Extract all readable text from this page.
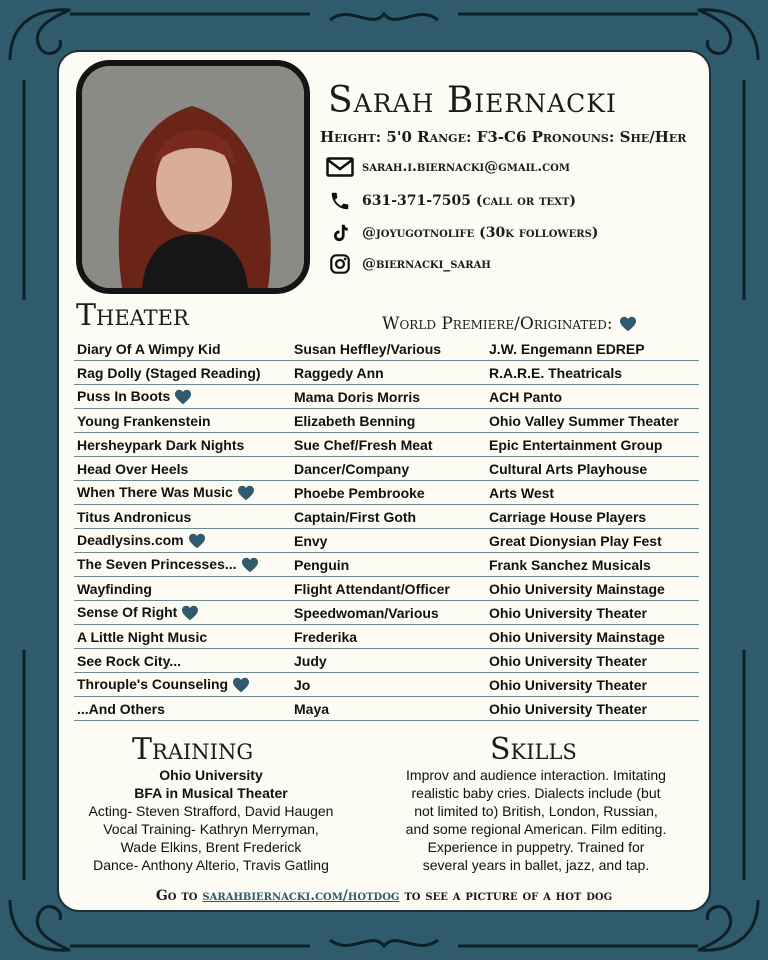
Sarah Biernacki
Height: 5'0 Range: F3-C6 Pronouns: She/Her
sarah.i.biernacki@gmail.com
631-371-7505 (call or text)
@joyugotnolife (30k followers)
@biernacki_sarah
Theater	World Premiere/Originated:
Diary Of A Wimpy Kid	Susan Heffley/Various	J.W. Engemann EDREP
Rag Dolly (Staged Reading)	Raggedy Ann	R.A.R.E. Theatricals
Puss In Boots	Mama Doris Morris	ACH Panto
Young Frankenstein	Elizabeth Benning	Ohio Valley Summer Theater
Hersheypark Dark Nights	Sue Chef/Fresh Meat	Epic Entertainment Group
Head Over Heels	Dancer/Company	Cultural Arts Playhouse
When There Was Music	Phoebe Pembrooke	Arts West
Titus Andronicus	Captain/First Goth	Carriage House Players
Deadlysins.com	Envy	Great Dionysian Play Fest
The Seven Princesses...	Penguin	Frank Sanchez Musicals
Wayfinding	Flight Attendant/Officer	Ohio University Mainstage
Sense Of Right	Speedwoman/Various	Ohio University Theater
A Little Night Music	Frederika	Ohio University Mainstage
See Rock City...	Judy	Ohio University Theater
Throuple's Counseling	Jo	Ohio University Theater
...And Others	Maya	Ohio University Theater
Training
Ohio University
BFA in Musical Theater
Acting- Steven Strafford, David Haugen
Vocal Training- Kathryn Merryman,
Wade Elkins, Brent Frederick
Dance- Anthony Alterio, Travis Gatling
Skills
Improv and audience interaction. Imitating
realistic baby cries. Dialects include (but
not limited to) British, London, Russian,
and some regional American. Film editing.
Experience in puppetry. Trained for
several years in ballet, jazz, and tap.
Go to sarahbiernacki.com/hotdog to see a picture of a hot dog
